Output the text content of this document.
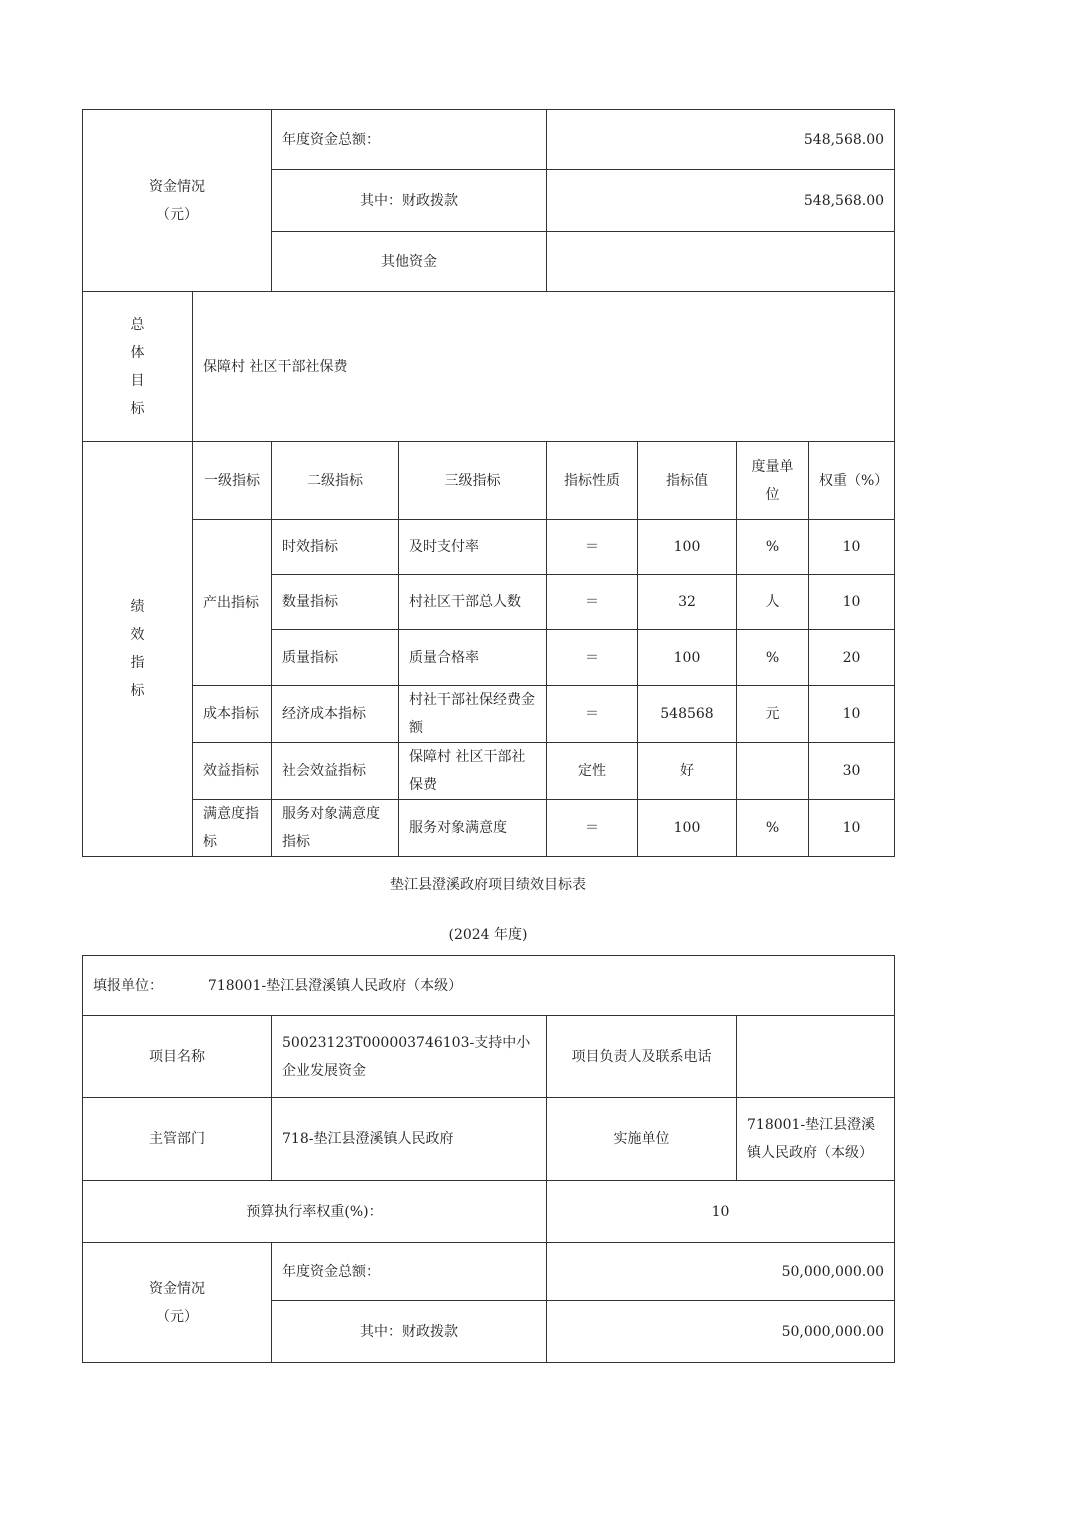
资金情况
（元）		年度资金总额：		548,568.00			
		其中：财政拨款		548,568.00			
		其他资金					

总
体
目
标	保障村 社区干部社保费						

绩
效
指
标	一级指标	二级指标	三级指标	指标性质	指标值	度量单位	权重（%）
	产出指标	时效指标	及时支付率	＝	100	%	10
		数量指标	村社区干部总人数	＝	32	人	10
		质量指标	质量合格率	＝	100	%	20
	成本指标	经济成本指标	村社干部社保经费金额	＝	548568	元	10
	效益指标	社会效益指标	保障村 社区干部社保费	定性	好		30
	满意度指标	服务对象满意度指标	服务对象满意度	＝	100	%	10
垫江县澄溪政府项目绩效目标表
(2024 年度)
填报单位： 718001-垫江县澄溪镇人民政府（本级）			
项目名称	50023123T000003746103-支持中小企业发展资金	项目负责人及联系电话	
主管部门	718-垫江县澄溪镇人民政府	实施单位	718001-垫江县澄溪镇人民政府（本级）
预算执行率权重(%)：		10	

资金情况
（元）	年度资金总额：	50,000,000.00	
	其中：财政拨款	50,000,000.00	
